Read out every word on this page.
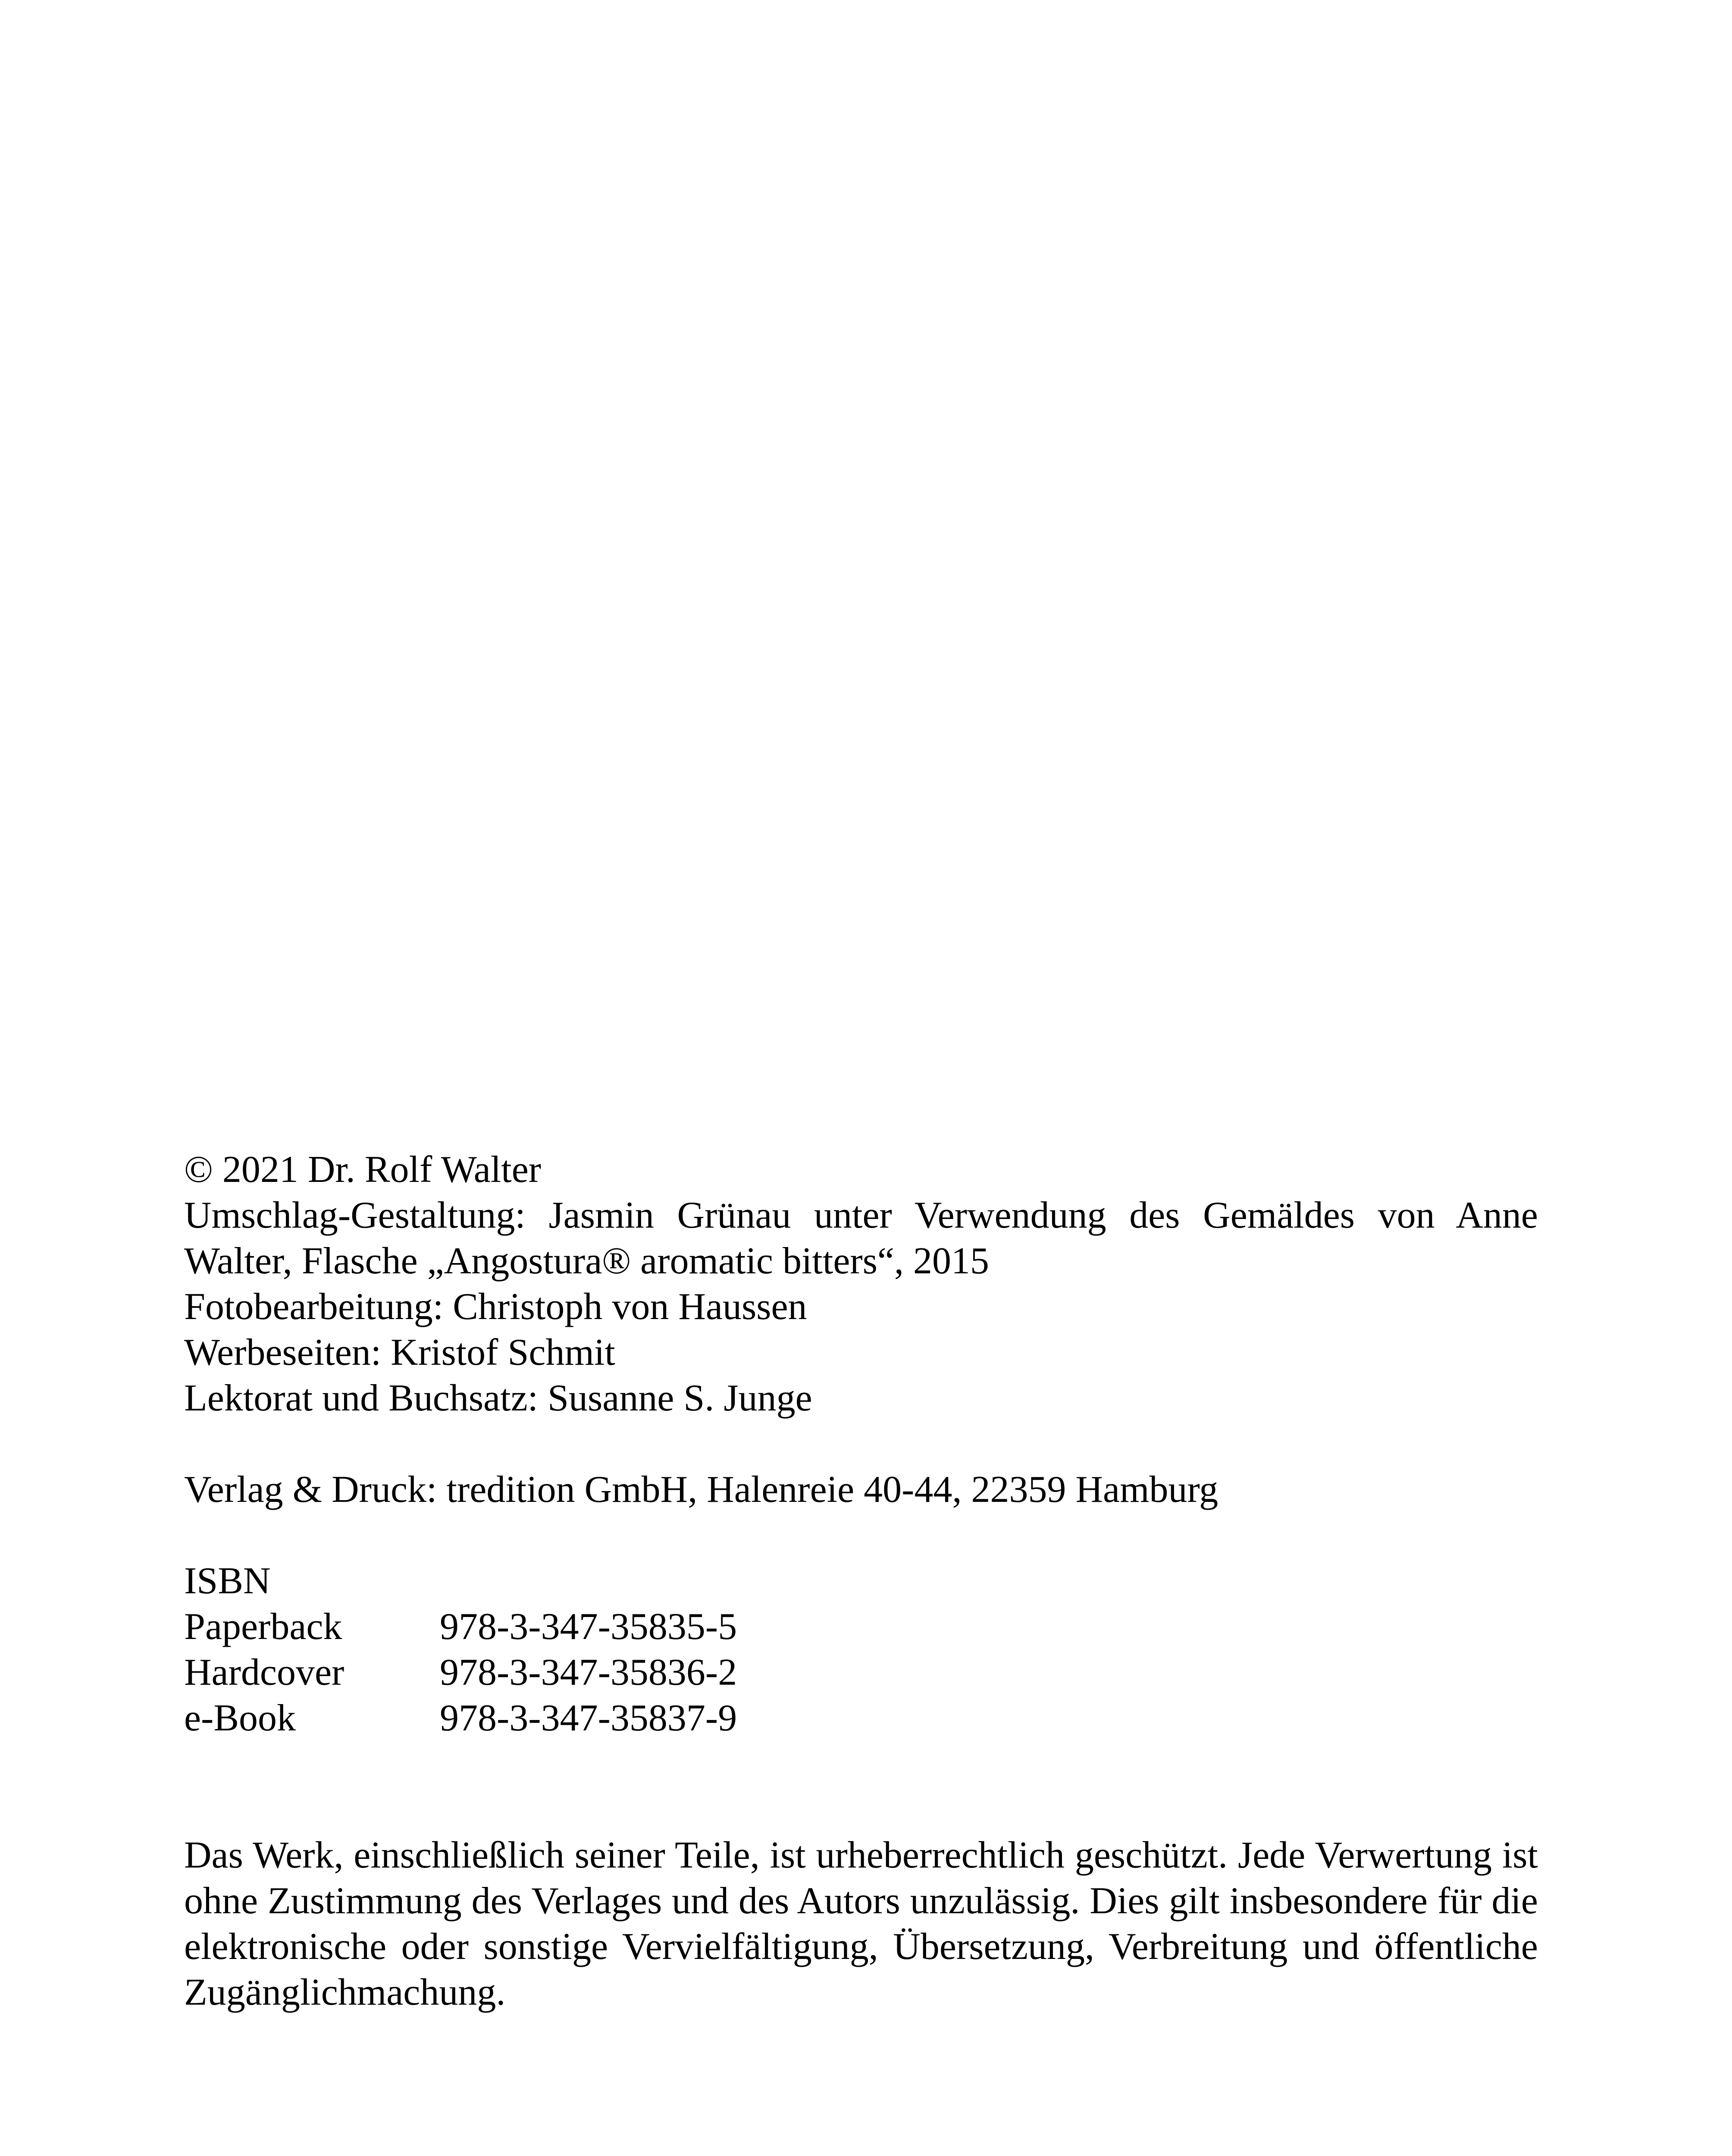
© 2021 Dr. Rolf Walter

Umschlag-Gestaltung: Jasmin Grünau unter Verwendung des Gemäldes von Anne Walter, Flasche „Angostura® aromatic bitters“, 2015

Fotobearbeitung: Christoph von Haussen

Werbeseiten: Kristof Schmit

Lektorat und Buchsatz: Susanne S. Junge

Verlag & Druck: tredition GmbH, Halenreie 40-44, 22359 Hamburg

ISBN

Paperback	978-3-347-35835-5
Hardcover	978-3-347-35836-2
e-Book	978-3-347-35837-9

Das Werk, einschließlich seiner Teile, ist urheberrechtlich geschützt. Jede Verwertung ist ohne Zustimmung des Verlages und des Autors unzulässig. Dies gilt insbesondere für die elektronische oder sonstige Vervielfältigung, Übersetzung, Verbreitung und öffentliche Zugänglichmachung.
